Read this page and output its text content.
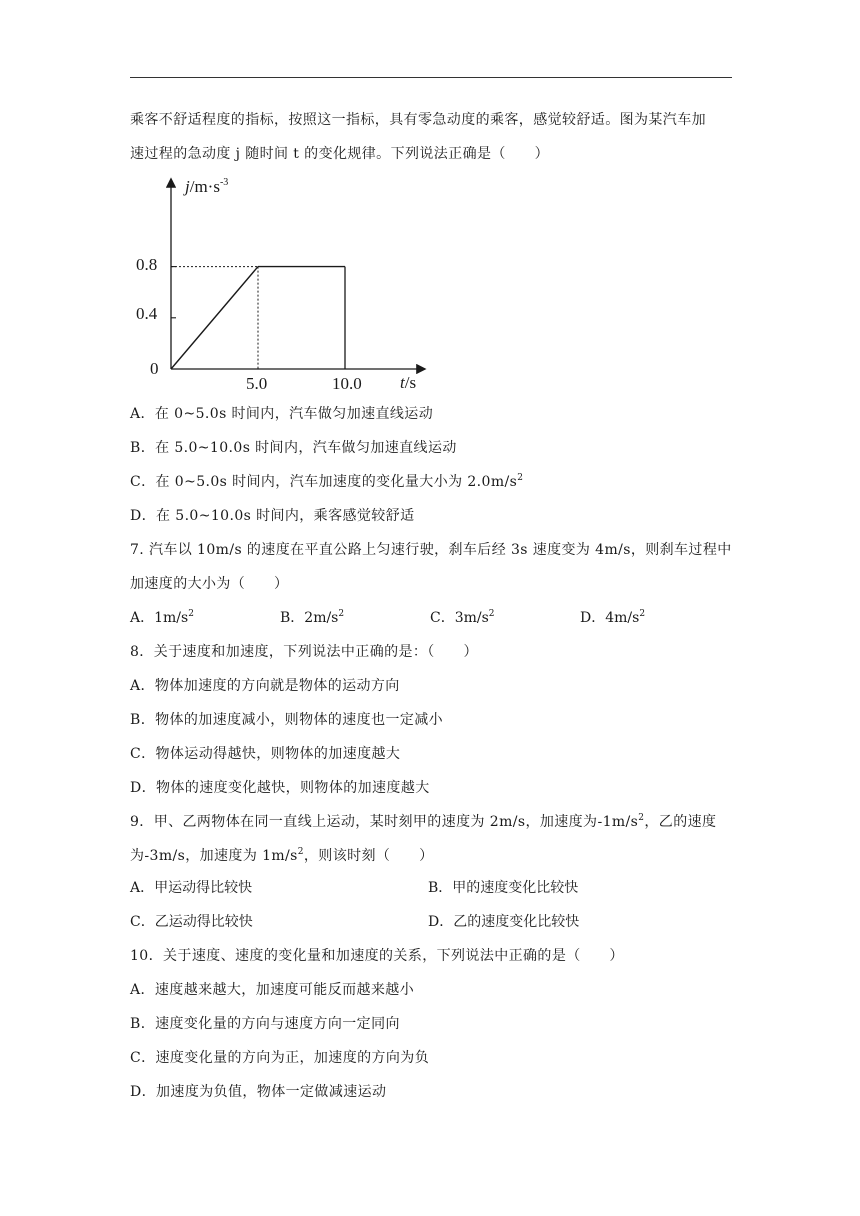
乘客不舒适程度的指标，按照这一指标，具有零急动度的乘客，感觉较舒适。图为某汽车加
速过程的急动度 j 随时间 t 的变化规律。下列说法正确是（　　）
$j/m\cdot s^{-3}$
t/s
0
0.8
0.4
5.0	10.0
A．在 0~5.0s 时间内，汽车做匀加速直线运动
B．在 5.0~10.0s 时间内，汽车做匀加速直线运动
C．在 0~5.0s 时间内，汽车加速度的变化量大小为 $2.0m/s^2$
D．在 5.0~10.0s 时间内，乘客感觉较舒适
7. 汽车以 10m/s 的速度在平直公路上匀速行驶，刹车后经 3s 速度变为 4m/s，则刹车过程中
加速度的大小为（　　）
A．$1m/s^2$	B．$2m/s^2$	C．$3m/s^2$	D．$4m/s^2$
8．关于速度和加速度，下列说法中正确的是：（　　）
A．物体加速度的方向就是物体的运动方向
B．物体的加速度减小，则物体的速度也一定减小
C．物体运动得越快，则物体的加速度越大
D．物体的速度变化越快，则物体的加速度越大
9．甲、乙两物体在同一直线上运动，某时刻甲的速度为 2m/s，加速度为$-1m/s^2$，乙的速度
为-3m/s，加速度为 $1m/s^2$，则该时刻（　　）
A．甲运动得比较快	B．甲的速度变化比较快
C．乙运动得比较快	D．乙的速度变化比较快
10．关于速度、速度的变化量和加速度的关系，下列说法中正确的是（　　）
A．速度越来越大，加速度可能反而越来越小
B．速度变化量的方向与速度方向一定同向
C．速度变化量的方向为正，加速度的方向为负
D．加速度为负值，物体一定做减速运动
